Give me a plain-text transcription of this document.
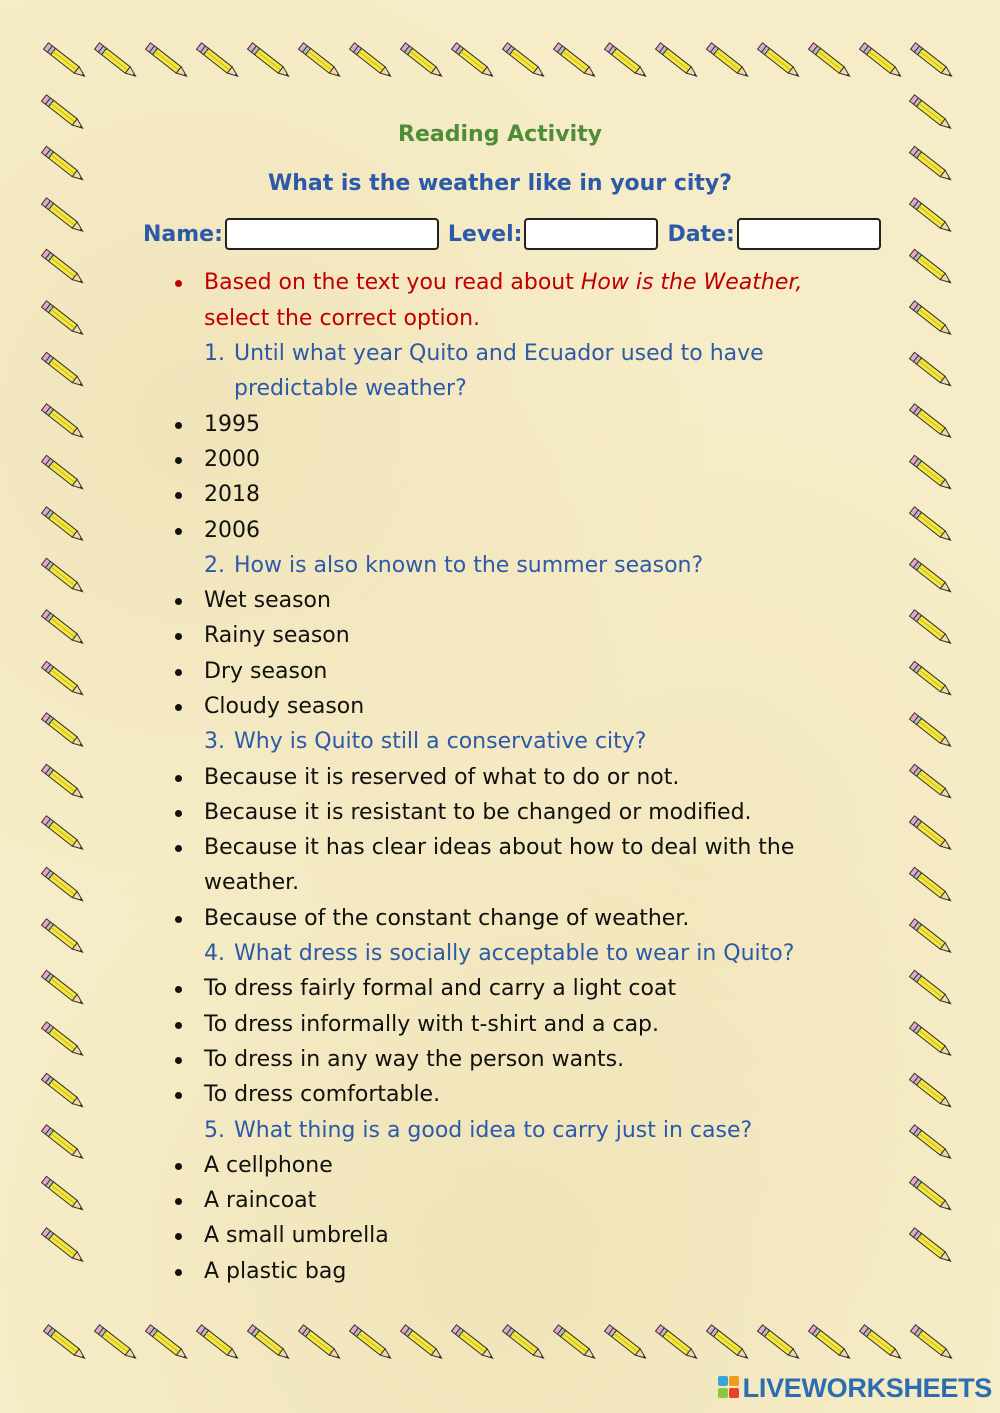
Reading Activity
What is the weather like in your city?
Name:	Level:	Date:
Based on the text you read about How is the Weather,
select the correct option.
1. Until what year Quito and Ecuador used to have
predictable weather?
1995
2000
2018
2006
2. How is also known to the summer season?
Wet season
Rainy season
Dry season
Cloudy season
3. Why is Quito still a conservative city?
Because it is reserved of what to do or not.
Because it is resistant to be changed or modified.
Because it has clear ideas about how to deal with the
weather.
Because of the constant change of weather.
4. What dress is socially acceptable to wear in Quito?
To dress fairly formal and carry a light coat
To dress informally with t-shirt and a cap.
To dress in any way the person wants.
To dress comfortable.
5. What thing is a good idea to carry just in case?
A cellphone
A raincoat
A small umbrella
A plastic bag
LIVEWORKSHEETS
